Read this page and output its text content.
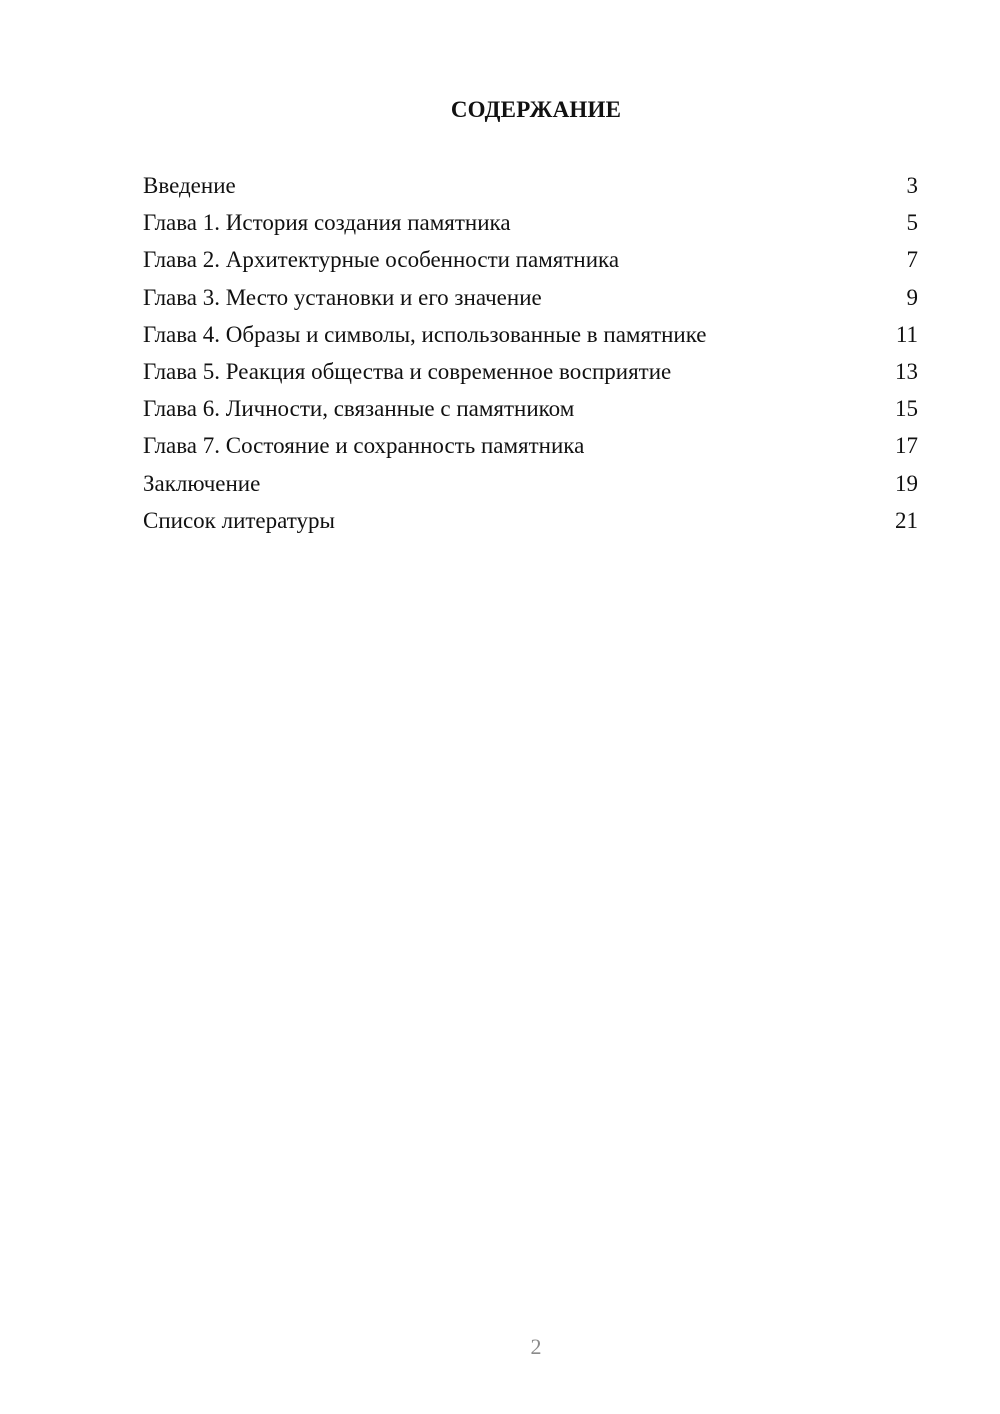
СОДЕРЖАНИЕ
Введение	3
Глава 1. История создания памятника	5
Глава 2. Архитектурные особенности памятника	7
Глава 3. Место установки и его значение	9
Глава 4. Образы и символы, использованные в памятнике	11
Глава 5. Реакция общества и современное восприятие	13
Глава 6. Личности, связанные с памятником	15
Глава 7. Состояние и сохранность памятника	17
Заключение	19
Список литературы	21
2
